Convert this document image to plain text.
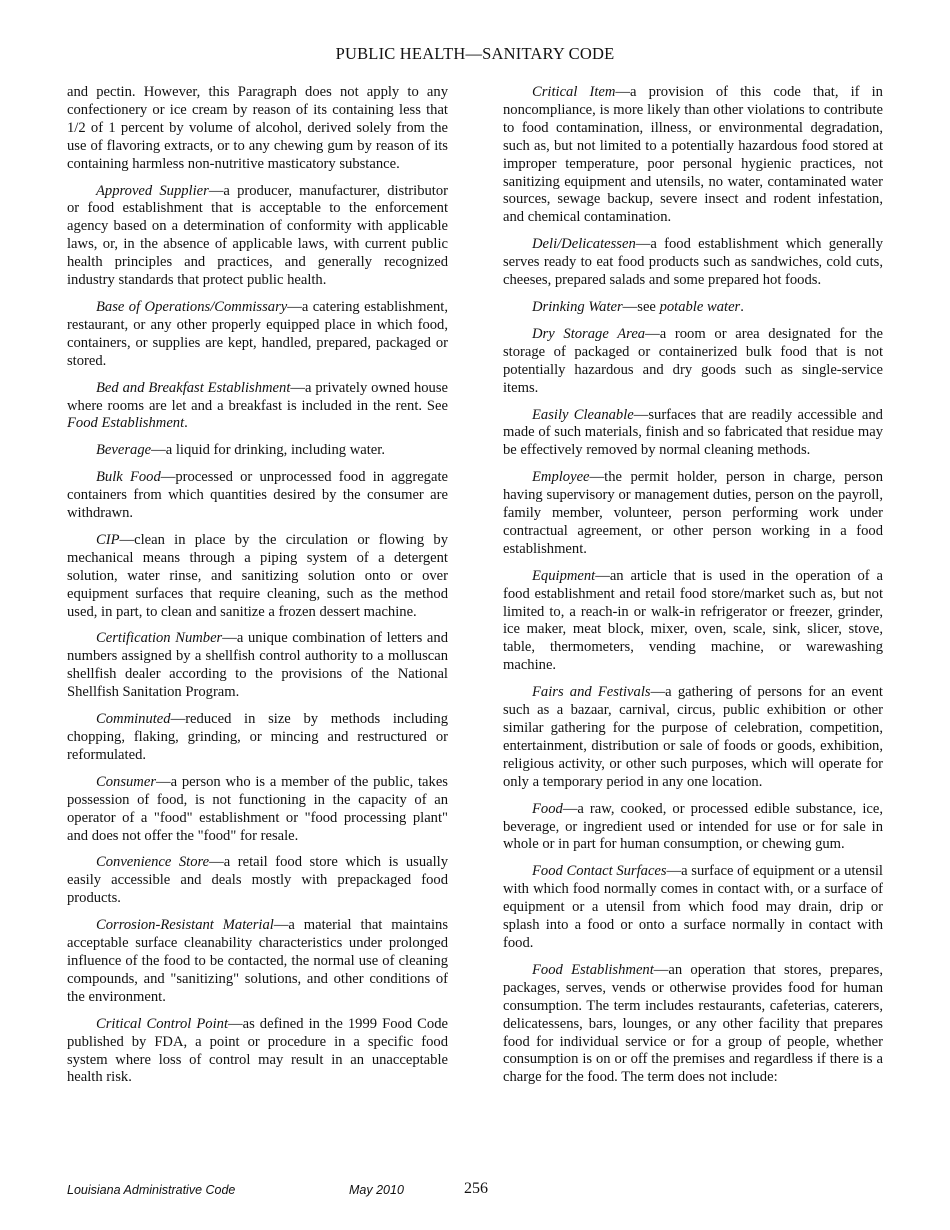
PUBLIC HEALTH—SANITARY CODE

and pectin. However, this Paragraph does not apply to any confectionery or ice cream by reason of its containing less that 1/2 of 1 percent by volume of alcohol, derived solely from the use of flavoring extracts, or to any chewing gum by reason of its containing harmless non-nutritive masticatory substance.

Approved Supplier—a producer, manufacturer, distributor or food establishment that is acceptable to the enforcement agency based on a determination of conformity with applicable laws, or, in the absence of applicable laws, with current public health principles and practices, and generally recognized industry standards that protect public health.

Base of Operations/Commissary—a catering establishment, restaurant, or any other properly equipped place in which food, containers, or supplies are kept, handled, prepared, packaged or stored.

Bed and Breakfast Establishment—a privately owned house where rooms are let and a breakfast is included in the rent. See Food Establishment.

Beverage—a liquid for drinking, including water.

Bulk Food—processed or unprocessed food in aggregate containers from which quantities desired by the consumer are withdrawn.

CIP—clean in place by the circulation or flowing by mechanical means through a piping system of a detergent solution, water rinse, and sanitizing solution onto or over equipment surfaces that require cleaning, such as the method used, in part, to clean and sanitize a frozen dessert machine.

Certification Number—a unique combination of letters and numbers assigned by a shellfish control authority to a molluscan shellfish dealer according to the provisions of the National Shellfish Sanitation Program.

Comminuted—reduced in size by methods including chopping, flaking, grinding, or mincing and restructured or reformulated.

Consumer—a person who is a member of the public, takes possession of food, is not functioning in the capacity of an operator of a "food" establishment or "food processing plant" and does not offer the "food" for resale.

Convenience Store—a retail food store which is usually easily accessible and deals mostly with prepackaged food products.

Corrosion-Resistant Material—a material that maintains acceptable surface cleanability characteristics under prolonged influence of the food to be contacted, the normal use of cleaning compounds, and "sanitizing" solutions, and other conditions of the environment.

Critical Control Point—as defined in the 1999 Food Code published by FDA, a point or procedure in a specific food system where loss of control may result in an unacceptable health risk.

Critical Item—a provision of this code that, if in noncompliance, is more likely than other violations to contribute to food contamination, illness, or environmental degradation, such as, but not limited to a potentially hazardous food stored at improper temperature, poor personal hygienic practices, not sanitizing equipment and utensils, no water, contaminated water sources, sewage backup, severe insect and rodent infestation, and chemical contamination.

Deli/Delicatessen—a food establishment which generally serves ready to eat food products such as sandwiches, cold cuts, cheeses, prepared salads and some prepared hot foods.

Drinking Water—see potable water.

Dry Storage Area—a room or area designated for the storage of packaged or containerized bulk food that is not potentially hazardous and dry goods such as single-service items.

Easily Cleanable—surfaces that are readily accessible and made of such materials, finish and so fabricated that residue may be effectively removed by normal cleaning methods.

Employee—the permit holder, person in charge, person having supervisory or management duties, person on the payroll, family member, volunteer, person performing work under contractual agreement, or other person working in a food establishment.

Equipment—an article that is used in the operation of a food establishment and retail food store/market such as, but not limited to, a reach-in or walk-in refrigerator or freezer, grinder, ice maker, meat block, mixer, oven, scale, sink, slicer, stove, table, thermometers, vending machine, or warewashing machine.

Fairs and Festivals—a gathering of persons for an event such as a bazaar, carnival, circus, public exhibition or other similar gathering for the purpose of celebration, competition, entertainment, distribution or sale of foods or goods, exhibition, religious activity, or other such purposes, which will operate for only a temporary period in any one location.

Food—a raw, cooked, or processed edible substance, ice, beverage, or ingredient used or intended for use or for sale in whole or in part for human consumption, or chewing gum.

Food Contact Surfaces—a surface of equipment or a utensil with which food normally comes in contact with, or a surface of equipment or a utensil from which food may drain, drip or splash into a food or onto a surface normally in contact with food.

Food Establishment—an operation that stores, prepares, packages, serves, vends or otherwise provides food for human consumption. The term includes restaurants, cafeterias, caterers, delicatessens, bars, lounges, or any other facility that prepares food for individual service or for a group of people, whether consumption is on or off the premises and regardless if there is a charge for the food. The term does not include:

Louisiana Administrative Code	May 2010	256
